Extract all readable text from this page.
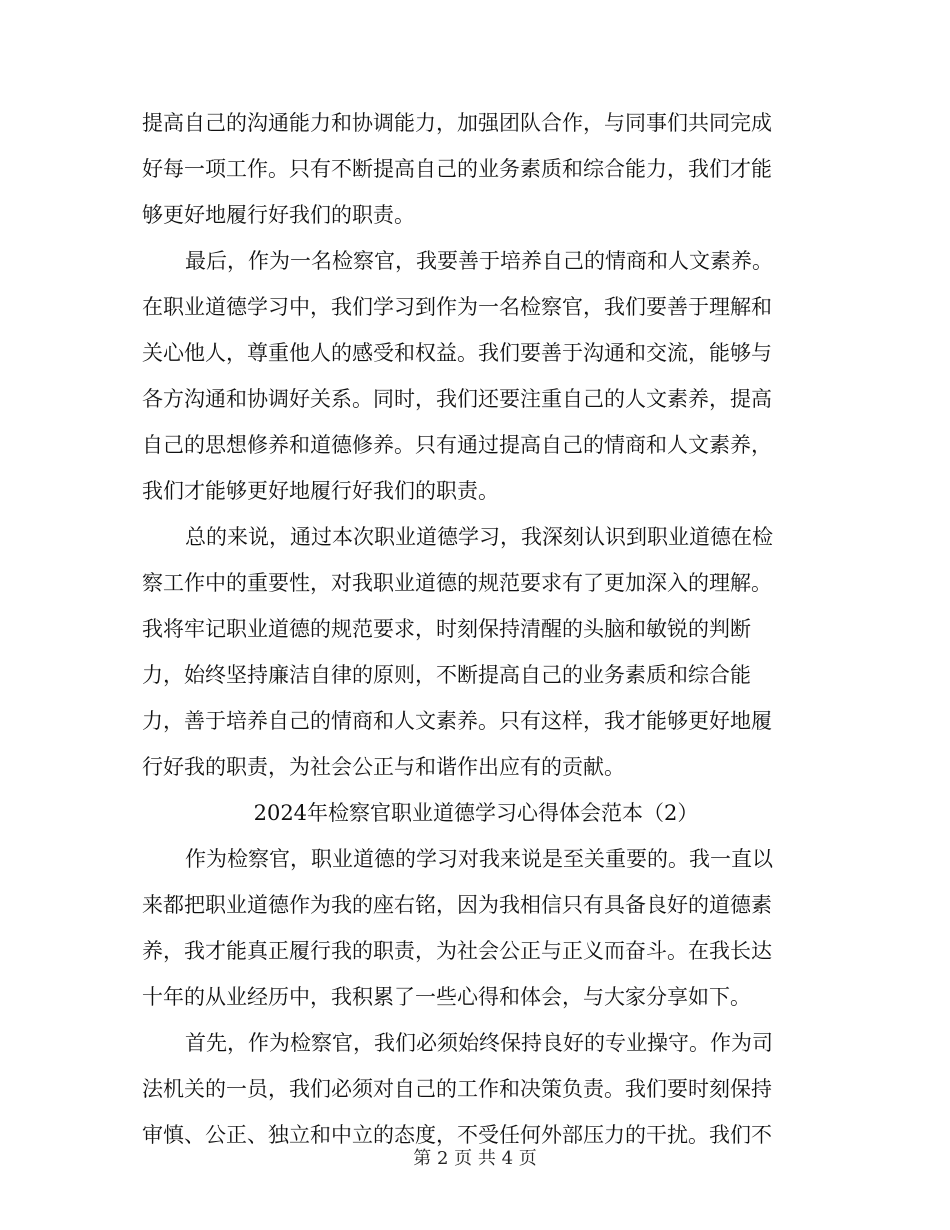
提高自己的沟通能力和协调能力，加强团队合作，与同事们共同完成
好每一项工作。只有不断提高自己的业务素质和综合能力，我们才能
够更好地履行好我们的职责。
最后，作为一名检察官，我要善于培养自己的情商和人文素养。
在职业道德学习中，我们学习到作为一名检察官，我们要善于理解和
关心他人，尊重他人的感受和权益。我们要善于沟通和交流，能够与
各方沟通和协调好关系。同时，我们还要注重自己的人文素养，提高
自己的思想修养和道德修养。只有通过提高自己的情商和人文素养，
我们才能够更好地履行好我们的职责。
总的来说，通过本次职业道德学习，我深刻认识到职业道德在检
察工作中的重要性，对我职业道德的规范要求有了更加深入的理解。
我将牢记职业道德的规范要求，时刻保持清醒的头脑和敏锐的判断
力，始终坚持廉洁自律的原则，不断提高自己的业务素质和综合能
力，善于培养自己的情商和人文素养。只有这样，我才能够更好地履
行好我的职责，为社会公正与和谐作出应有的贡献。
2024年检察官职业道德学习心得体会范本（2）
作为检察官，职业道德的学习对我来说是至关重要的。我一直以
来都把职业道德作为我的座右铭，因为我相信只有具备良好的道德素
养，我才能真正履行我的职责，为社会公正与正义而奋斗。在我长达
十年的从业经历中，我积累了一些心得和体会，与大家分享如下。
首先，作为检察官，我们必须始终保持良好的专业操守。作为司
法机关的一员，我们必须对自己的工作和决策负责。我们要时刻保持
审慎、公正、独立和中立的态度，不受任何外部压力的干扰。我们不
第 2 页 共 4 页
